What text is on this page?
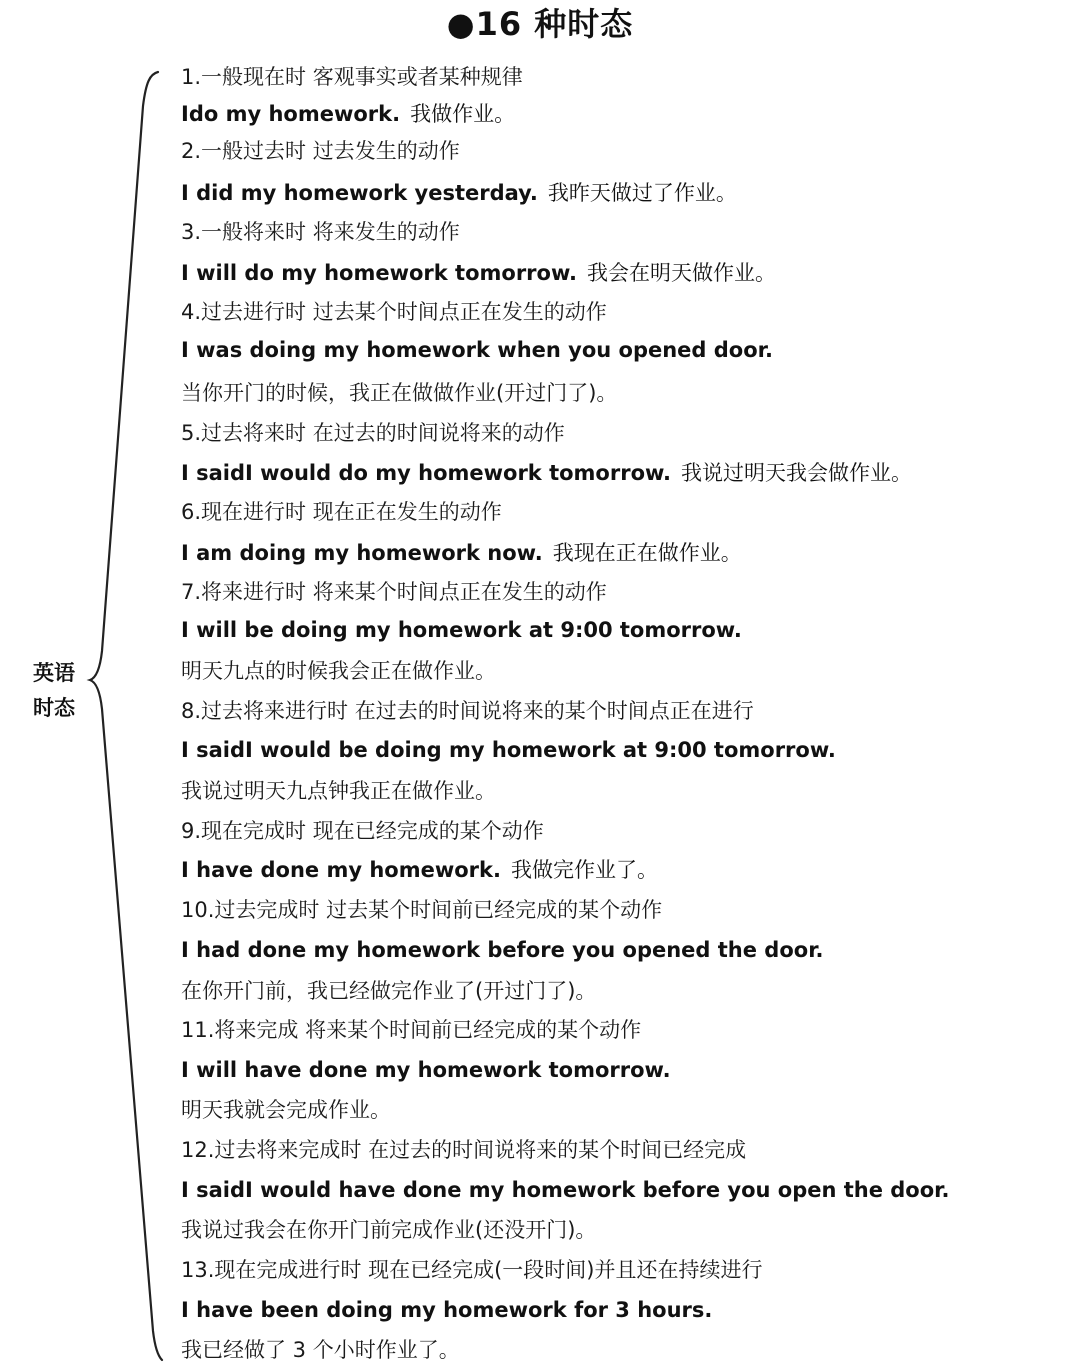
●16 种时态
英语
时态
1.一般现在时 客观事实或者某种规律
Ido my homework. 我做作业。
2.一般过去时 过去发生的动作
I did my homework yesterday. 我昨天做过了作业。
3.一般将来时 将来发生的动作
I will do my homework tomorrow. 我会在明天做作业。
4.过去进行时 过去某个时间点正在发生的动作
I was doing my homework when you opened door.
当你开门的时候，我正在做做作业(开过门了)。
5.过去将来时 在过去的时间说将来的动作
I saidI would do my homework tomorrow. 我说过明天我会做作业。
6.现在进行时 现在正在发生的动作
I am doing my homework now. 我现在正在做作业。
7.将来进行时 将来某个时间点正在发生的动作
I will be doing my homework at 9:00 tomorrow.
明天九点的时候我会正在做作业。
8.过去将来进行时 在过去的时间说将来的某个时间点正在进行
I saidI would be doing my homework at 9:00 tomorrow.
我说过明天九点钟我正在做作业。
9.现在完成时 现在已经完成的某个动作
I have done my homework. 我做完作业了。
10.过去完成时 过去某个时间前已经完成的某个动作
I had done my homework before you opened the door.
在你开门前，我已经做完作业了(开过门了)。
11.将来完成 将来某个时间前已经完成的某个动作
I will have done my homework tomorrow.
明天我就会完成作业。
12.过去将来完成时 在过去的时间说将来的某个时间已经完成
I saidI would have done my homework before you open the door.
我说过我会在你开门前完成作业(还没开门)。
13.现在完成进行时 现在已经完成(一段时间)并且还在持续进行
I have been doing my homework for 3 hours.
我已经做了 3 个小时作业了。
